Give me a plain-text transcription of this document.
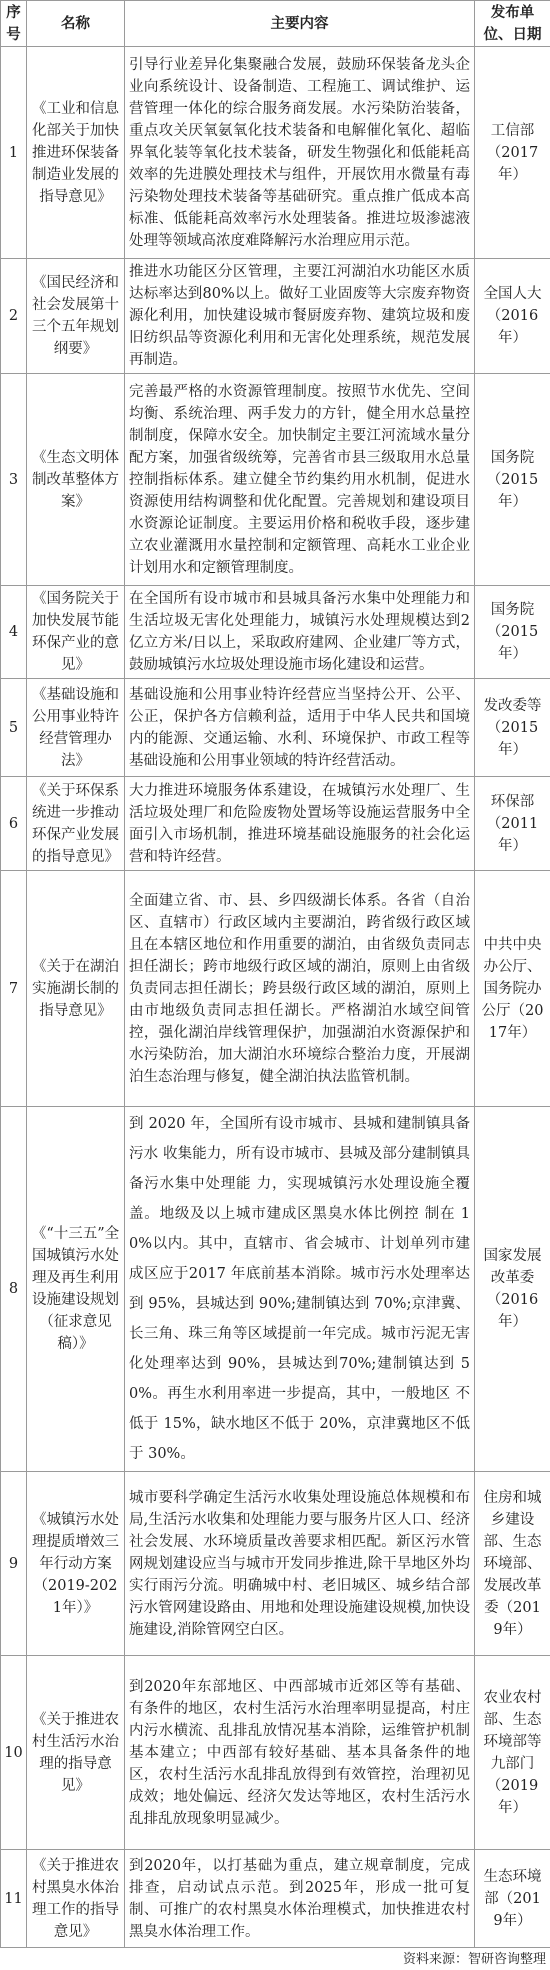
序号	名称	主要内容	发布单位、日期
1	《工业和信息化部关于加快推进环保装备制造业发展的指导意见》	引导行业差异化集聚融合发展，鼓励环保装备龙头企业向系统设计、设备制造、工程施工、调试维护、运营管理一体化的综合服务商发展。水污染防治装备，重点攻关厌氧氨氧化技术装备和电解催化氧化、超临界氧化装等氧化技术装备，研发生物强化和低能耗高效率的先进膜处理技术与组件，开展饮用水微量有毒污染物处理技术装备等基础研究。重点推广低成本高标准、低能耗高效率污水处理装备。推进垃圾渗滤液处理等领域高浓度难降解污水治理应用示范。	工信部（2017年）
2	《国民经济和社会发展第十三个五年规划纲要》	推进水功能区分区管理，主要江河湖泊水功能区水质达标率达到80%以上。做好工业固废等大宗废弃物资源化利用，加快建设城市餐厨废弃物、建筑垃圾和废旧纺织品等资源化利用和无害化处理系统，规范发展再制造。	全国人大（2016年）
3	《生态文明体制改革整体方案》	完善最严格的水资源管理制度。按照节水优先、空间均衡、系统治理、两手发力的方针，健全用水总量控制制度，保障水安全。加快制定主要江河流域水量分配方案，加强省级统筹，完善省市县三级取用水总量控制指标体系。建立健全节约集约用水机制，促进水资源使用结构调整和优化配置。完善规划和建设项目水资源论证制度。主要运用价格和税收手段，逐步建立农业灌溉用水量控制和定额管理、高耗水工业企业计划用水和定额管理制度。	国务院（2015年）
4	《国务院关于加快发展节能环保产业的意见》	在全国所有设市城市和县城具备污水集中处理能力和生活垃圾无害化处理能力，城镇污水处理规模达到2亿立方米/日以上，采取政府建网、企业建厂等方式，鼓励城镇污水垃圾处理设施市场化建设和运营。	国务院（2015年）
5	《基础设施和公用事业特许经营管理办法》	基础设施和公用事业特许经营应当坚持公开、公平、公正，保护各方信赖利益，适用于中华人民共和国境内的能源、交通运输、水利、环境保护、市政工程等基础设施和公用事业领域的特许经营活动。	发改委等（2015年）
6	《关于环保系统进一步推动环保产业发展的指导意见》	大力推进环境服务体系建设，在城镇污水处理厂、生活垃圾处理厂和危险废物处置场等设施运营服务中全面引入市场机制，推进环境基础设施服务的社会化运营和特许经营。	环保部（2011年）
7	《关于在湖泊实施湖长制的指导意见》	全面建立省、市、县、乡四级湖长体系。各省（自治区、直辖市）行政区域内主要湖泊，跨省级行政区域且在本辖区地位和作用重要的湖泊，由省级负责同志担任湖长；跨市地级行政区域的湖泊，原则上由省级负责同志担任湖长；跨县级行政区域的湖泊，原则上由市地级负责同志担任湖长。严格湖泊水域空间管控，强化湖泊岸线管理保护，加强湖泊水资源保护和水污染防治，加大湖泊水环境综合整治力度，开展湖泊生态治理与修复，健全湖泊执法监管机制。	中共中央办公厅、国务院办公厅（2017年）
8	《“十三五”全国城镇污水处理及再生利用设施建设规划（征求意见稿）》	到 2020 年，全国所有设市城市、县城和建制镇具备污水 收集能力，所有设市城市、县城及部分建制镇具备污水集中处理能 力，实现城镇污水处理设施全覆盖。地级及以上城市建成区黑臭水体比例控 制在 10%以内。其中，直辖市、省会城市、计划单列市建成区应于2017 年底前基本消除。城市污水处理率达到 95%，县城达到 90%;建制镇达到 70%;京津冀、长三角、珠三角等区域提前一年完成。城市污泥无害化处理率达到 90%，县城达到70%;建制镇达到 50%。再生水利用率进一步提高，其中，一般地区 不低于 15%，缺水地区不低于 20%，京津冀地区不低于 30%。	国家发展改革委（2016年）
9	《城镇污水处理提质增效三年行动方案（2019-2021年）》	城市要科学确定生活污水收集处理设施总体规模和布局,生活污水收集和处理能力要与服务片区人口、经济社会发展、水环境质量改善要求相匹配。新区污水管网规划建设应当与城市开发同步推进,除干旱地区外均实行雨污分流。明确城中村、老旧城区、城乡结合部污水管网建设路由、用地和处理设施建设规模,加快设施建设,消除管网空白区。	住房和城乡建设部、生态环境部、发展改革委（2019年）
10	《关于推进农村生活污水治理的指导意见》	到2020年东部地区、中西部城市近郊区等有基础、有条件的地区，农村生活污水治理率明显提高，村庄内污水横流、乱排乱放情况基本消除，运维管护机制基本建立；中西部有较好基础、基本具备条件的地区，农村生活污水乱排乱放得到有效管控，治理初见成效；地处偏远、经济欠发达等地区，农村生活污水乱排乱放现象明显减少。	农业农村部、生态环境部等九部门（2019年）
11	《关于推进农村黑臭水体治理工作的指导意见》	到2020年，以打基础为重点，建立规章制度，完成排查，启动试点示范。到2025年，形成一批可复制、可推广的农村黑臭水体治理模式，加快推进农村黑臭水体治理工作。	生态环境部（2019年）
资料来源：智研咨询整理
